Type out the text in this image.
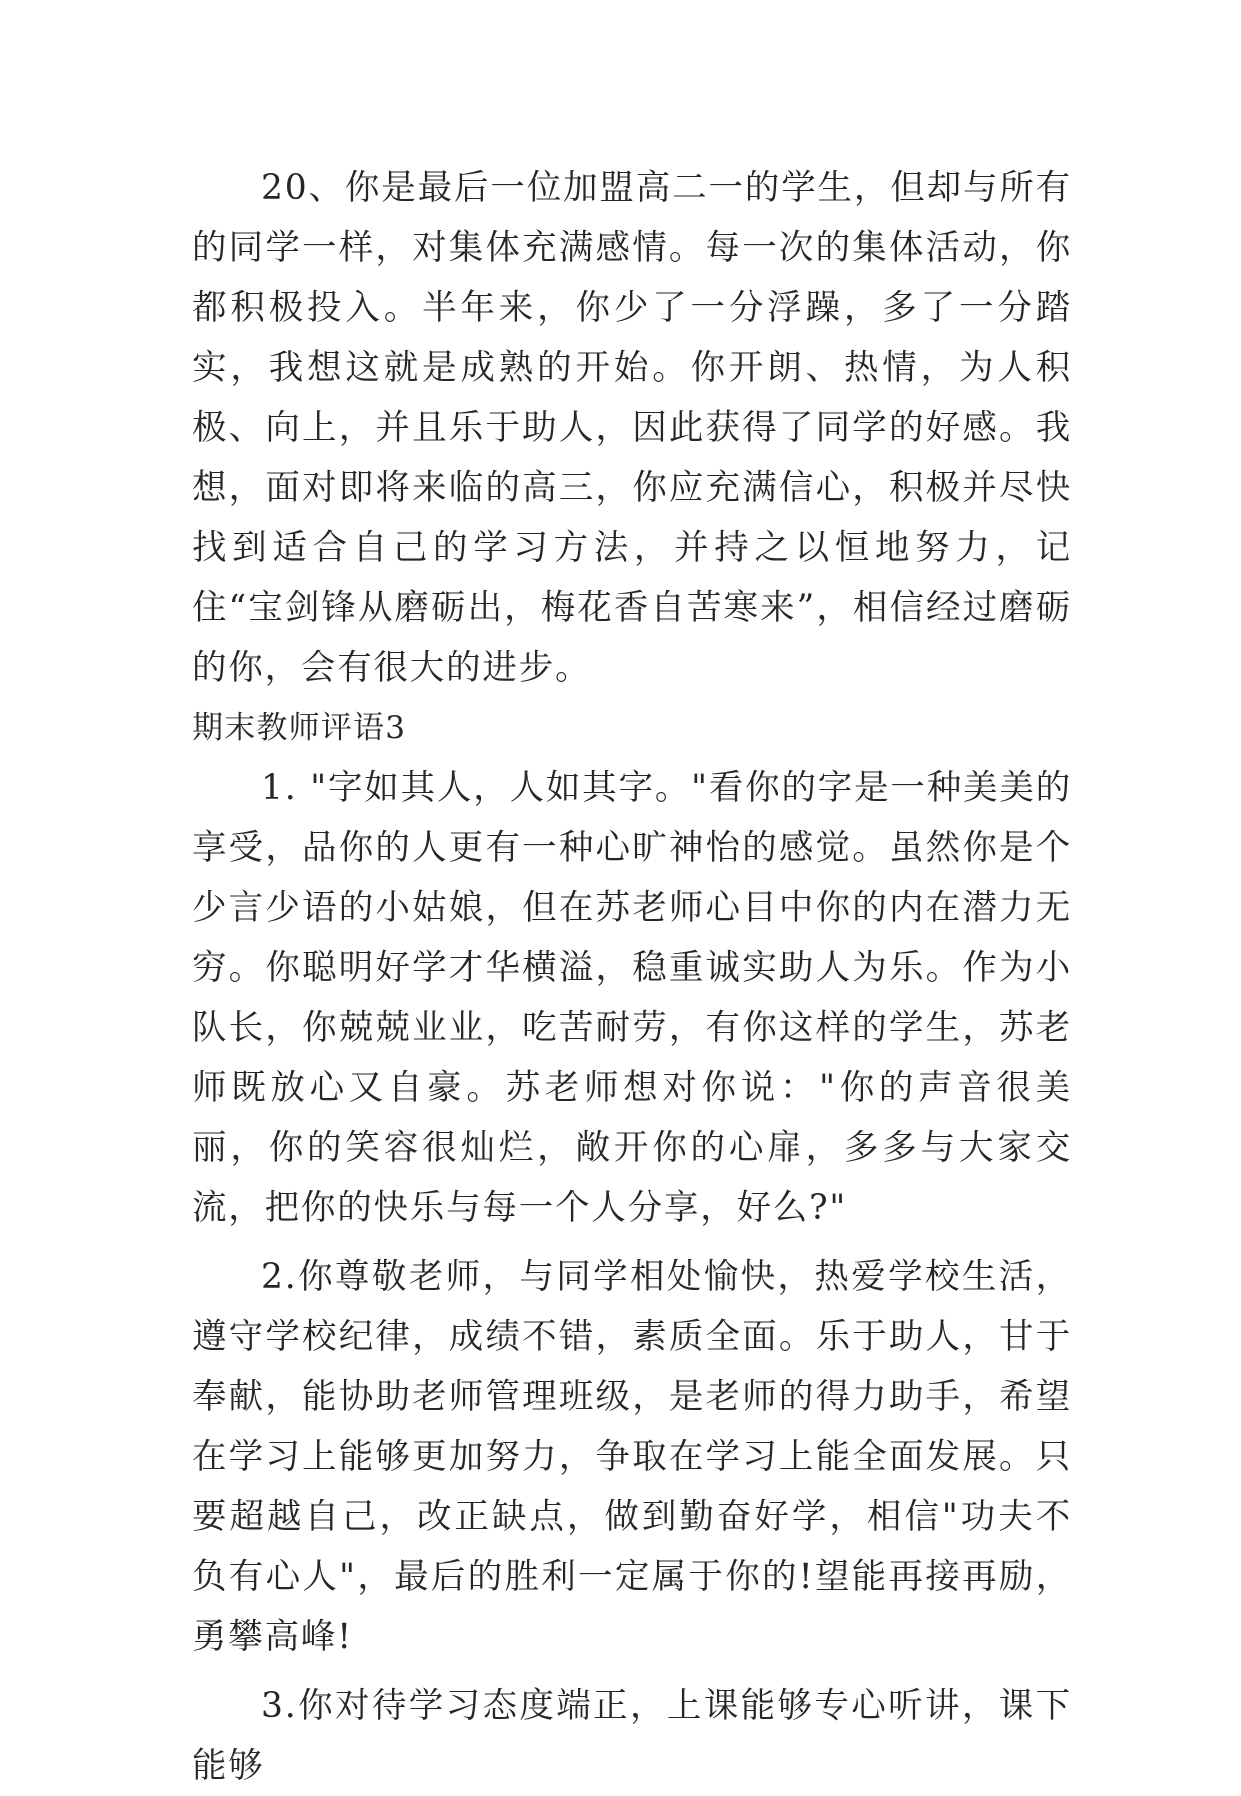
20、你是最后一位加盟高二一的学生，但却与所有的同学一样，对集体充满感情。每一次的集体活动，你都积极投入。半年来，你少了一分浮躁，多了一分踏实，我想这就是成熟的开始。你开朗、热情，为人积极、向上，并且乐于助人，因此获得了同学的好感。我想，面对即将来临的高三，你应充满信心，积极并尽快找到适合自己的学习方法，并持之以恒地努力，记住“宝剑锋从磨砺出，梅花香自苦寒来”，相信经过磨砺的你，会有很大的进步。

期末教师评语3

1. "字如其人，人如其字。"看你的字是一种美美的享受，品你的人更有一种心旷神怡的感觉。虽然你是个少言少语的小姑娘，但在苏老师心目中你的内在潜力无穷。你聪明好学才华横溢，稳重诚实助人为乐。作为小队长，你兢兢业业，吃苦耐劳，有你这样的学生，苏老师既放心又自豪。苏老师想对你说："你的声音很美丽，你的笑容很灿烂，敞开你的心扉，多多与大家交流，把你的快乐与每一个人分享，好么?"

2.你尊敬老师，与同学相处愉快，热爱学校生活，遵守学校纪律，成绩不错，素质全面。乐于助人，甘于奉献，能协助老师管理班级，是老师的得力助手，希望在学习上能够更加努力，争取在学习上能全面发展。只要超越自己，改正缺点，做到勤奋好学，相信"功夫不负有心人"，最后的胜利一定属于你的!望能再接再励，勇攀高峰!

3.你对待学习态度端正，上课能够专心听讲，课下能够
